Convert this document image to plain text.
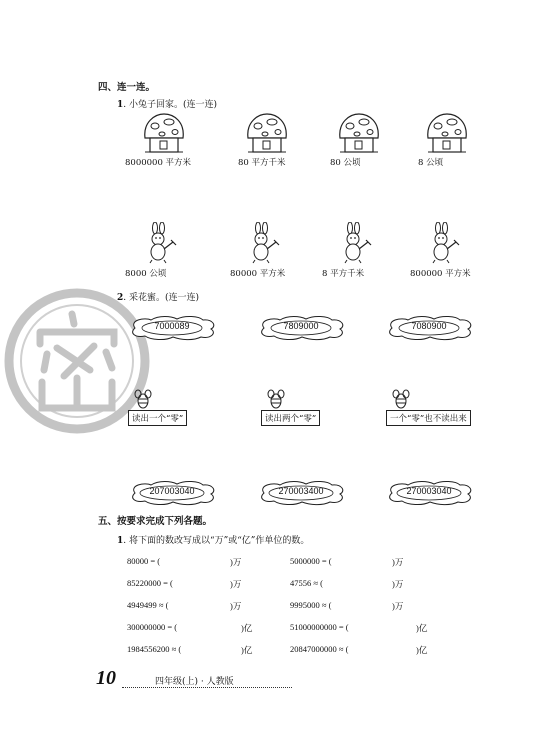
四、连一连。
1. 小兔子回家。(连一连)
8000000 平方米	80 平方千米	80 公顷	8 公顷
8000 公顷	80000 平方米	8 平方千米	800000 平方米
2. 采花蜜。(连一连)
7000089	7809000	7080900
读出一个“零”	读出两个“零”	一个“零”也不读出来
207003040	270003400	270003040
五、按要求完成下列各题。
1. 将下面的数改写成以“万”或“亿”作单位的数。
80000 = (	)万	5000000 = (	)万
85220000 = (	)万	47556 ≈ (	)万
4949499 ≈ (	)万	9995000 ≈ (	)万
300000000 = (	)亿	51000000000 = (	)亿
1984556200 ≈ (	)亿	20847000000 ≈ (	)亿
10	四年级(上) · 人教版
